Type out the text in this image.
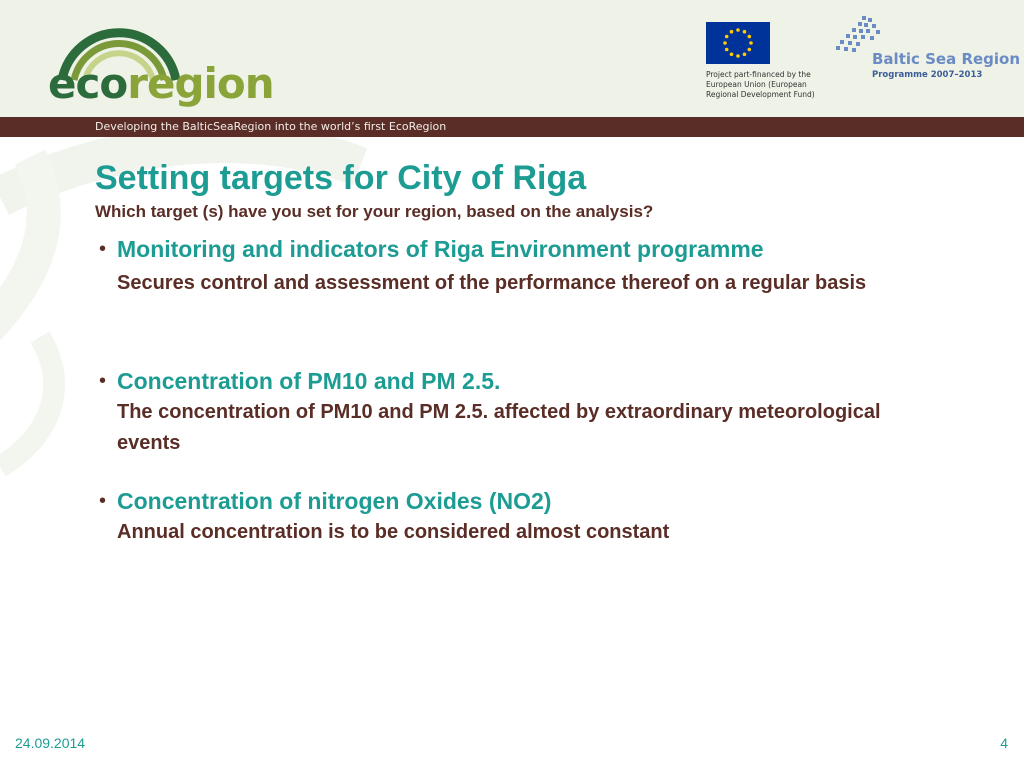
ecoregion	Project part-financed by the European Union (European Regional Development Fund)
Baltic Sea Region
Programme 2007–2013
Developing the BalticSeaRegion into the world’s first EcoRegion
Setting targets for City of Riga
Which target (s) have you set for your region, based on the analysis?
• Monitoring and indicators of Riga Environment programme
Secures control and assessment of the performance thereof on a regular basis
• Concentration of PM10 and PM 2.5.
The concentration of PM10 and PM 2.5. affected by extraordinary meteorological events
• Concentration of nitrogen Oxides (NO2)
Annual concentration is to be considered almost constant
24.09.2014	4
